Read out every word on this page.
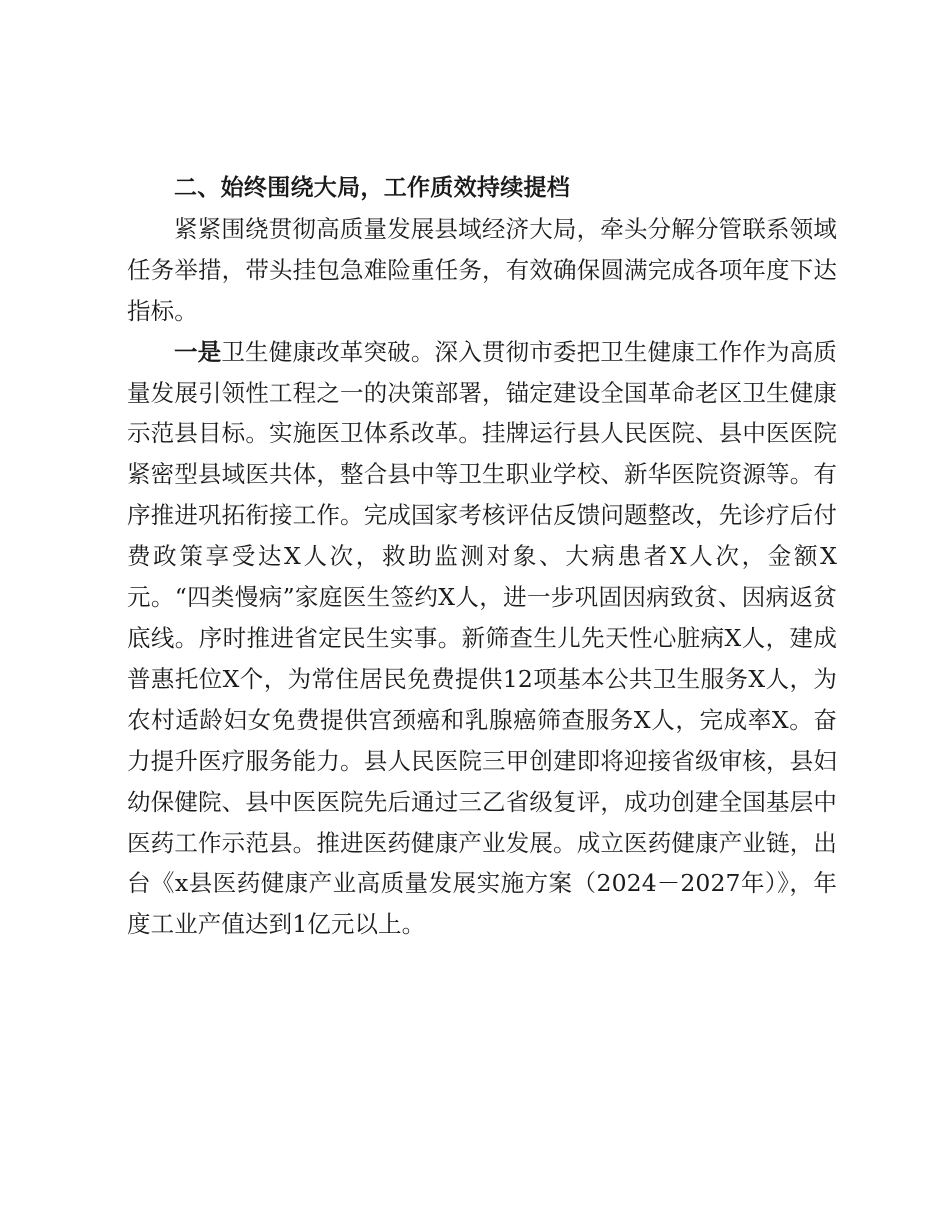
二、始终围绕大局，工作质效持续提档

紧紧围绕贯彻高质量发展县域经济大局，牵头分解分管联系领域任务举措，带头挂包急难险重任务，有效确保圆满完成各项年度下达指标。

一是卫生健康改革突破。深入贯彻市委把卫生健康工作作为高质量发展引领性工程之一的决策部署，锚定建设全国革命老区卫生健康示范县目标。实施医卫体系改革。挂牌运行县人民医院、县中医医院紧密型县域医共体，整合县中等卫生职业学校、新华医院资源等。有序推进巩拓衔接工作。完成国家考核评估反馈问题整改，先诊疗后付费政策享受达X人次，救助监测对象、大病患者X人次，金额X元。“四类慢病”家庭医生签约X人，进一步巩固因病致贫、因病返贫底线。序时推进省定民生实事。新筛查生儿先天性心脏病X人，建成普惠托位X个，为常住居民免费提供12项基本公共卫生服务X人，为农村适龄妇女免费提供宫颈癌和乳腺癌筛查服务X人，完成率X。奋力提升医疗服务能力。县人民医院三甲创建即将迎接省级审核，县妇幼保健院、县中医医院先后通过三乙省级复评，成功创建全国基层中医药工作示范县。推进医药健康产业发展。成立医药健康产业链，出台《x县医药健康产业高质量发展实施方案（2024－2027年）》，年度工业产值达到1亿元以上。
